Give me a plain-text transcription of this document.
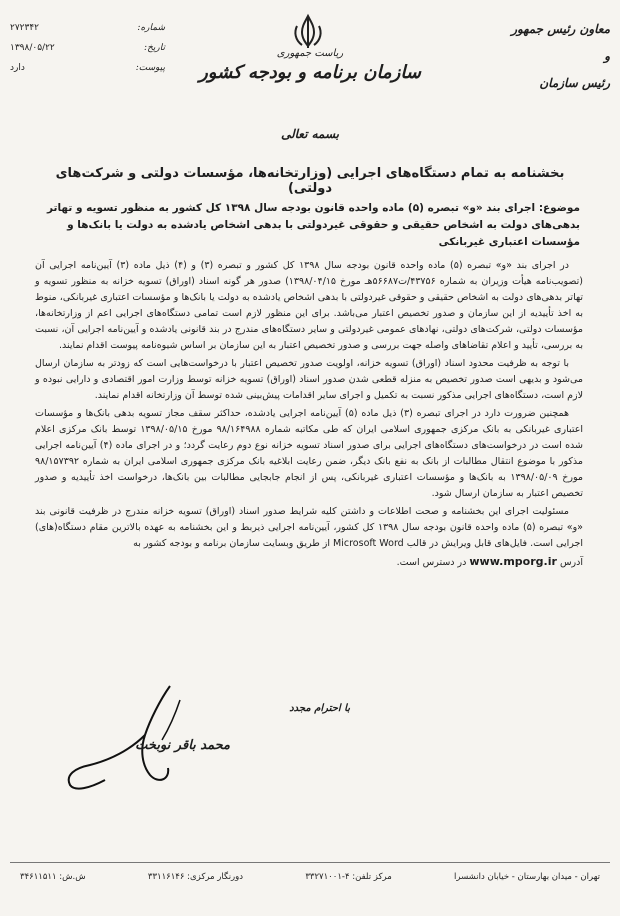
معاون رئیس جمهور
و
رئیس سازمان
ریاست جمهوری
سازمان برنامه و بودجه کشور
شماره:
۲۷۲۳۴۲
تاریخ:
۱۳۹۸/۰۵/۲۲
پیوست:
دارد
بسمه تعالی
بخشنامه به تمام دستگاه‌های اجرایی (وزارتخانه‌ها، مؤسسات دولتی و شرکت‌های دولتی)
موضوع: اجرای بند «و» تبصره (۵) ماده واحده قانون بودجه سال ۱۳۹۸ کل کشور به منظور تسویه و تهاتر بدهی‌های دولت به اشخاص حقیقی و حقوقی غیردولتی با بدهی اشخاص یادشده به دولت یا بانک‌ها و مؤسسات اعتباری غیربانکی

در اجرای بند «و» تبصره (۵) ماده واحده قانون بودجه سال ۱۳۹۸ کل کشور و تبصره (۳) و (۴) ذیل ماده (۳) آیین‌نامه اجرایی آن (تصویب‌نامه هیأت وزیران به شماره ۴۳۷۵۶/ت۵۶۶۸۷هـ مورخ ۱۳۹۸/۰۴/۱۵) صدور هر گونه اسناد (اوراق) تسویه خزانه به منظور تسویه و تهاتر بدهی‌های دولت به اشخاص حقیقی و حقوقی غیردولتی با بدهی اشخاص یادشده به دولت یا بانک‌ها و مؤسسات اعتباری غیربانکی، منوط به اخذ تأییدیه از این سازمان و صدور تخصیص اعتبار می‌باشد. برای این منظور لازم است تمامی دستگاه‌های اجرایی اعم از وزارتخانه‌ها، مؤسسات دولتی، شرکت‌های دولتی، نهادهای عمومی غیردولتی و سایر دستگاه‌های مندرج در بند قانونی یادشده و آیین‌نامه اجرایی آن، نسبت به بررسی، تأیید و اعلام تقاضاهای واصله جهت بررسی و صدور تخصیص اعتبار به این سازمان بر اساس شیوه‌نامه پیوست اقدام نمایند.

با توجه به ظرفیت محدود اسناد (اوراق) تسویه خزانه، اولویت صدور تخصیص اعتبار با درخواست‌هایی است که زودتر به سازمان ارسال می‌شود و بدیهی است صدور تخصیص به منزله قطعی شدن صدور اسناد (اوراق) تسویه خزانه توسط وزارت امور اقتصادی و دارایی نبوده و لازم است، دستگاه‌های اجرایی مذکور نسبت به تکمیل و اجرای سایر اقدامات پیش‌بینی شده توسط آن وزارتخانه اقدام نمایند.

همچنین ضرورت دارد در اجرای تبصره (۳) ذیل ماده (۵) آیین‌نامه اجرایی یادشده، حداکثر سقف مجاز تسویه بدهی بانک‌ها و مؤسسات اعتباری غیربانکی به بانک مرکزی جمهوری اسلامی ایران که طی مکاتبه شماره ۹۸/۱۶۴۹۸۸ مورخ ۱۳۹۸/۰۵/۱۵ توسط بانک مرکزی اعلام شده است در درخواست‌های دستگاه‌های اجرایی برای صدور اسناد تسویه خزانه نوع دوم رعایت گردد؛ و در اجرای ماده (۴) آیین‌نامه اجرایی مذکور با موضوع انتقال مطالبات از بانک به نفع بانک دیگر، ضمن رعایت ابلاغیه بانک مرکزی جمهوری اسلامی ایران به شماره ۹۸/۱۵۷۳۹۲ مورخ ۱۳۹۸/۰۵/۰۹ به بانک‌ها و مؤسسات اعتباری غیربانکی، پس از انجام جابجایی مطالبات بین بانک‌ها، درخواست اخذ تأییدیه و صدور تخصیص اعتبار به سازمان ارسال شود.

مسئولیت اجرای این بخشنامه و صحت اطلاعات و داشتن کلیه شرایط صدور اسناد (اوراق) تسویه خزانه مندرج در ظرفیت قانونی بند «و» تبصره (۵) ماده واحده قانون بودجه سال ۱۳۹۸ کل کشور، آیین‌نامه اجرایی ذیربط و این بخشنامه به عهده بالاترین مقام دستگاه(های) اجرایی است. فایل‌های قابل ویرایش در قالب Microsoft Word از طریق وبسایت سازمان برنامه و بودجه کشور به

آدرس www.mporg.ir در دسترس است.
با احترام مجدد
محمد باقر نوبخت
تهران - میدان بهارستان - خیابان دانشسرا
مرکز تلفن: ۴-۳۳۲۷۱۰۰۱
دورنگار مرکزی: ۳۳۱۱۶۱۴۶
ش.ش: ۳۴۶۱۱۵۱۱
